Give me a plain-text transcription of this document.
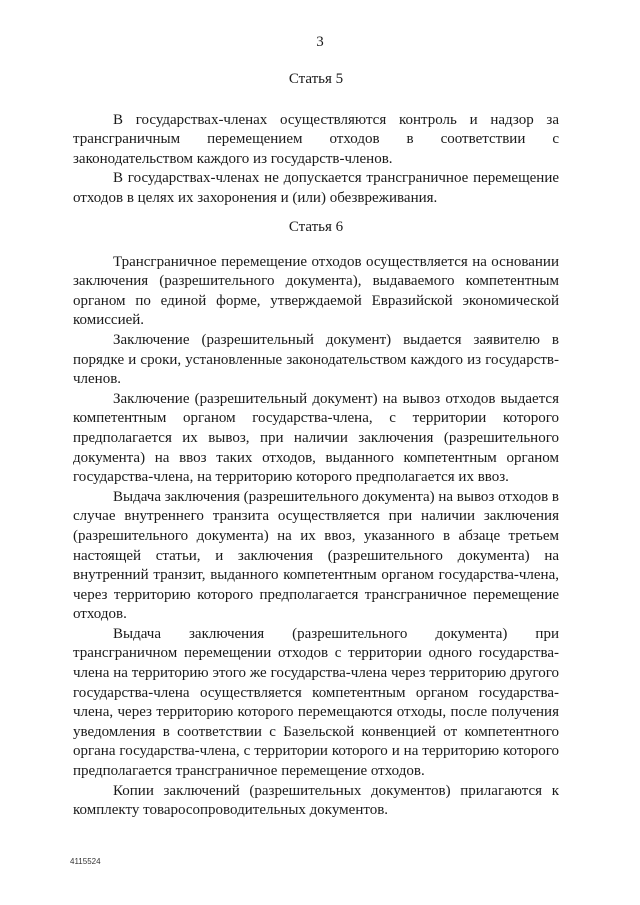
3
Статья 5

В государствах-членах осуществляются контроль и надзор за трансграничным перемещением отходов в соответствии с законодательством каждого из государств-членов.

В государствах-членах не допускается трансграничное перемещение отходов в целях их захоронения и (или) обезвреживания.

Статья 6

Трансграничное перемещение отходов осуществляется на основании заключения (разрешительного документа), выдаваемого компетентным органом по единой форме, утверждаемой Евразийской экономической комиссией.

Заключение (разрешительный документ) выдается заявителю в порядке и сроки, установленные законодательством каждого из государств-членов.

Заключение (разрешительный документ) на вывоз отходов выдается компетентным органом государства-члена, с территории которого предполагается их вывоз, при наличии заключения (разрешительного документа) на ввоз таких отходов, выданного компетентным органом государства-члена, на территорию которого предполагается их ввоз.

Выдача заключения (разрешительного документа) на вывоз отходов в случае внутреннего транзита осуществляется при наличии заключения (разрешительного документа) на их ввоз, указанного в абзаце третьем настоящей статьи, и заключения (разрешительного документа) на внутренний транзит, выданного компетентным органом государства-члена, через территорию которого предполагается трансграничное перемещение отходов.

Выдача заключения (разрешительного документа) при трансграничном перемещении отходов с территории одного государства-члена на территорию этого же государства-члена через территорию другого государства-члена осуществляется компетентным органом государства-члена, через территорию которого перемещаются отходы, после получения уведомления в соответствии с Базельской конвенцией от компетентного органа государства-члена, с территории которого и на территорию которого предполагается трансграничное перемещение отходов.

Копии заключений (разрешительных документов) прилагаются к комплекту товаросопроводительных документов.

4115524
